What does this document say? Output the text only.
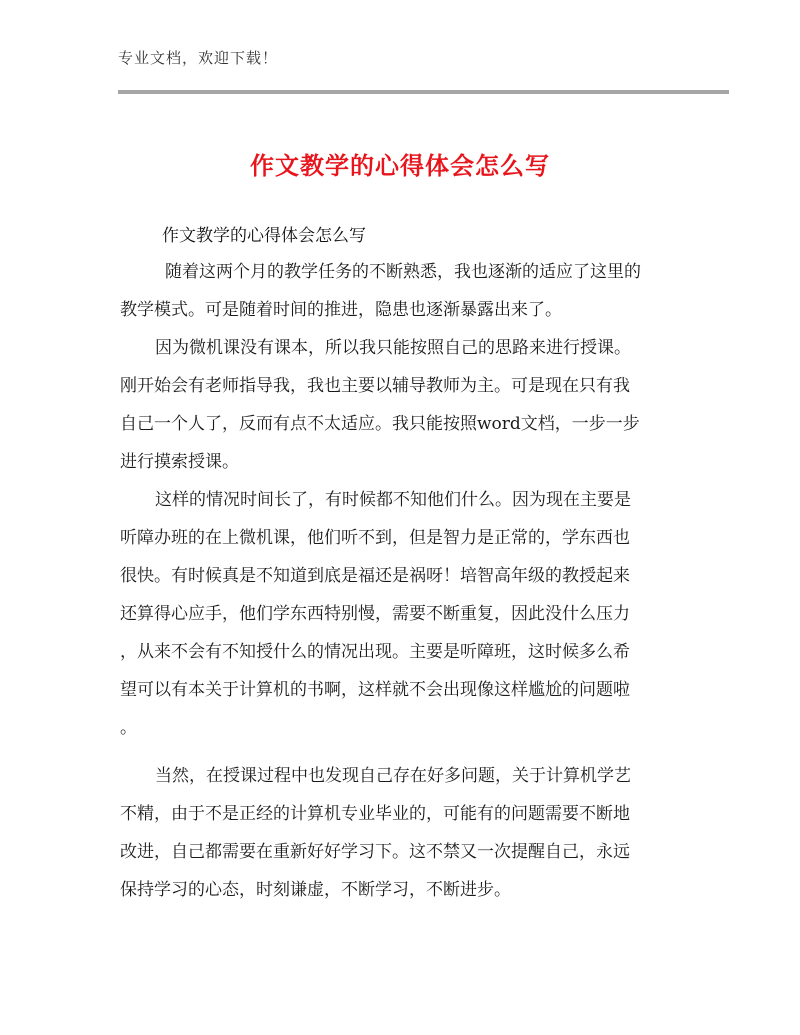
专业文档，欢迎下载！
作文教学的心得体会怎么写
作文教学的心得体会怎么写
随着这两个月的教学任务的不断熟悉，我也逐渐的适应了这里的
教学模式。可是随着时间的推进，隐患也逐渐暴露出来了。
因为微机课没有课本，所以我只能按照自己的思路来进行授课。
刚开始会有老师指导我，我也主要以辅导教师为主。可是现在只有我
自己一个人了，反而有点不太适应。我只能按照word文档，一步一步
进行摸索授课。
这样的情况时间长了，有时候都不知他们什么。因为现在主要是
听障办班的在上微机课，他们听不到，但是智力是正常的，学东西也
很快。有时候真是不知道到底是福还是祸呀！培智高年级的教授起来
还算得心应手，他们学东西特别慢，需要不断重复，因此没什么压力
，从来不会有不知授什么的情况出现。主要是听障班，这时候多么希
望可以有本关于计算机的书啊，这样就不会出现像这样尴尬的问题啦
。
当然，在授课过程中也发现自己存在好多问题，关于计算机学艺
不精，由于不是正经的计算机专业毕业的，可能有的问题需要不断地
改进，自己都需要在重新好好学习下。这不禁又一次提醒自己，永远
保持学习的心态，时刻谦虚，不断学习，不断进步。
